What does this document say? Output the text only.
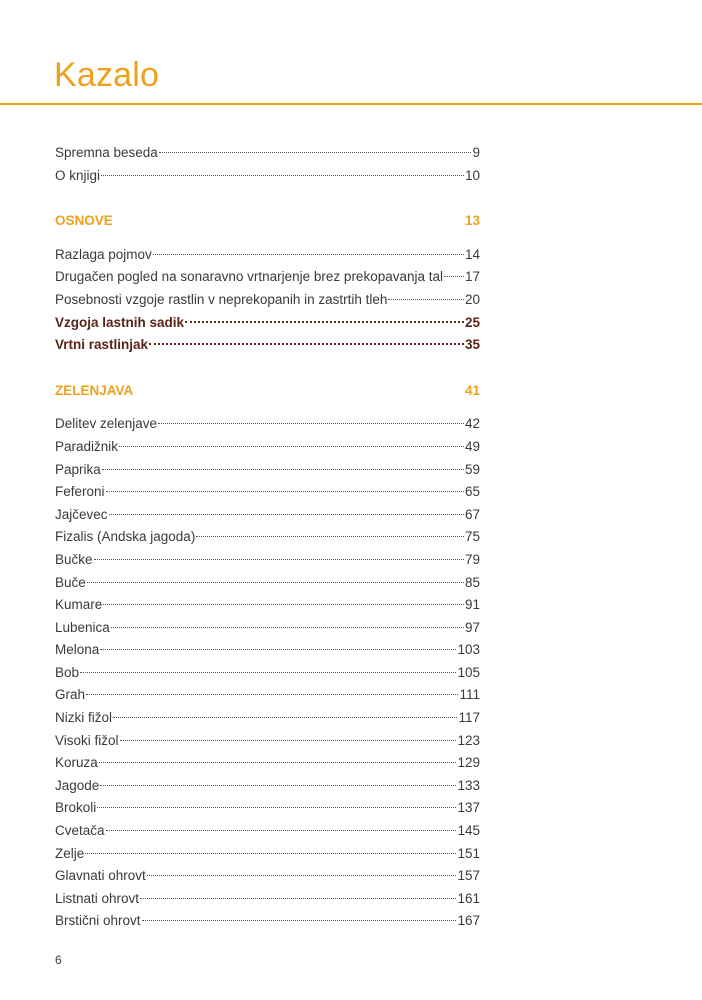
Kazalo
Spremna beseda	9
O knjigi	10
OSNOVE	13
Razlaga pojmov	14
Drugačen pogled na sonaravno vrtnarjenje brez prekopavanja tal 17
Posebnosti vzgoje rastlin v neprekopanih in zastrtih tleh	20
Vzgoja lastnih sadik	25
Vrtni rastlinjak	35
ZELENJAVA	41
Delitev zelenjave	42
Paradižnik	49
Paprika	59
Feferoni	65
Jajčevec	67
Fizalis (Andska jagoda)	75
Bučke	79
Buče	85
Kumare	91
Lubenica	97
Melona	103
Bob	105
Grah	111
Nizki fižol	117
Visoki fižol	123
Koruza	129
Jagode	133
Brokoli	137
Cvetača	145
Zelje	151
Glavnati ohrovt	157
Listnati ohrovt	161
Brstični ohrovt	167
6
